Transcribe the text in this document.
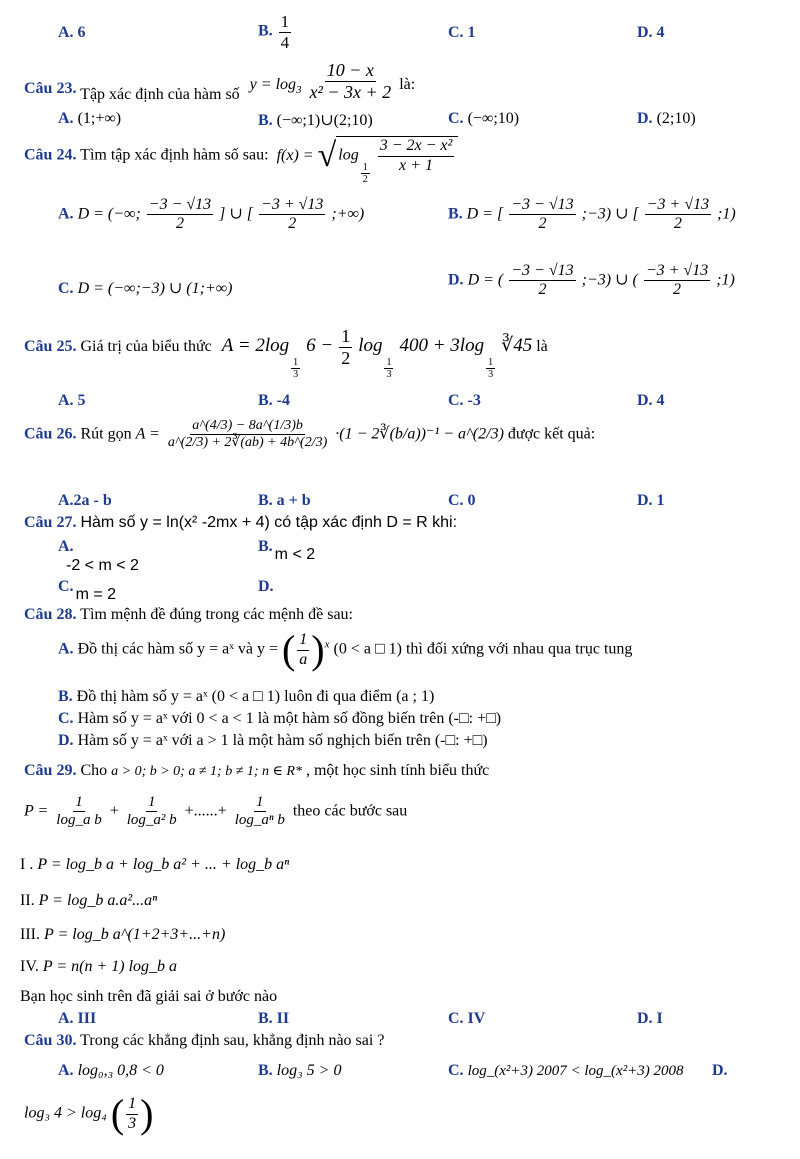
A. 6	B. $\frac{1}{4}$	C. 1	D. 4
Câu 23. Tập xác định của hàm số $y = \log_3 \frac{10 - x}{\text{x² − 3x + 2}}$ là:
A. (1;+∞)	B. (−∞;1)∪(2;10)	C. (−∞;10)	D. (2;10)
Câu 24. Tìm tập xác định hàm số sau: f(x) = √ log
$\frac{1}{2}$
$\frac{\text{3 − 2x − x²}}{x + 1}$
A. D = (−∞; $\frac{-3 - √13}{2}$ ] ∪ [ $\frac{-3 + √13}{2}$ ;+∞)	B. D = [ $\frac{-3 - √13}{2}$ ;−3) ∪ [ $\frac{-3 + √13}{2}$ ;1)
C. D = (−∞;−3) ∪ (1;+∞)	D. D = ( $\frac{-3 - √13}{2}$ ;−3) ∪ ( $\frac{-3 + √13}{2}$ ;1)
Câu 25. Giá trị của biểu thức A = 2log
$\frac{1}{3}$
$6 - \frac{1}{2}$ log
$\frac{1}{3}$
400 + 3log
$\frac{1}{3}$
∛45 là
A. 5	B. -4	C. -3	D. 4
Câu 26. Rút gọn $A = \frac{a\^{}(4/3) - 8a\^{}(1/3)b}{a\^{}(2/3) + 2∛(ab) + 4b\^{}(2/3)} \cdot(1$ − 2∛(b/a))⁻¹ − a^(2/3) được kết quả:
A.2a - b	B. a + b	C. 0	D. 1
Câu 27. Hàm số y = ln(x² -2mx + 4) có tập xác định D = R khi:
A.
-2 < m < 2
B. m < 2
C. m = 2	D.
Câu 28. Tìm mệnh đề đúng trong các mệnh đề sau:
A. Đồ thị các hàm số y = aˣ và y = ( $\frac{1}{a} )^x$ (0 < a □ 1) thì đối xứng với nhau qua trục tung
B. Đồ thị hàm số y = aˣ (0 < a □ 1) luôn đi qua điểm (a ; 1)
C. Hàm số y = aˣ với 0 < a < 1 là một hàm số đồng biến trên (-□: +□)
D. Hàm số y = aˣ với a > 1 là một hàm số nghịch biến trên (-□: +□)
Câu 29. Cho a > 0; b > 0; a ≠ 1; b ≠ 1; n ∈ R* , một học sinh tính biểu thức
$P = \frac{1}{\text{log\_a b}} + \frac{1}{\text{log\_a² b}}$ +......+ $\frac{1}{\text{log\_aⁿ b}}$ theo các bước sau
I . P = log_b a + log_b a² + ... + log_b aⁿ
II. P = log_b a.a²...aⁿ
III. P = log_b a^(1+2+3+...+n)
IV. P = n(n + 1) log_b a
Bạn học sinh trên đã giải sai ở bước nào
A. III	B. II	C. IV	D. I
Câu 30. Trong các khẳng định sau, khẳng định nào sai ?
A. log₀,₃ 0,8 < 0	B. log₃ 5 > 0	C. log_(x²+3) 2007 < log_(x²+3) 2008 D.
log₃ 4 > log₄ ( $\frac{1}{3}$ )
